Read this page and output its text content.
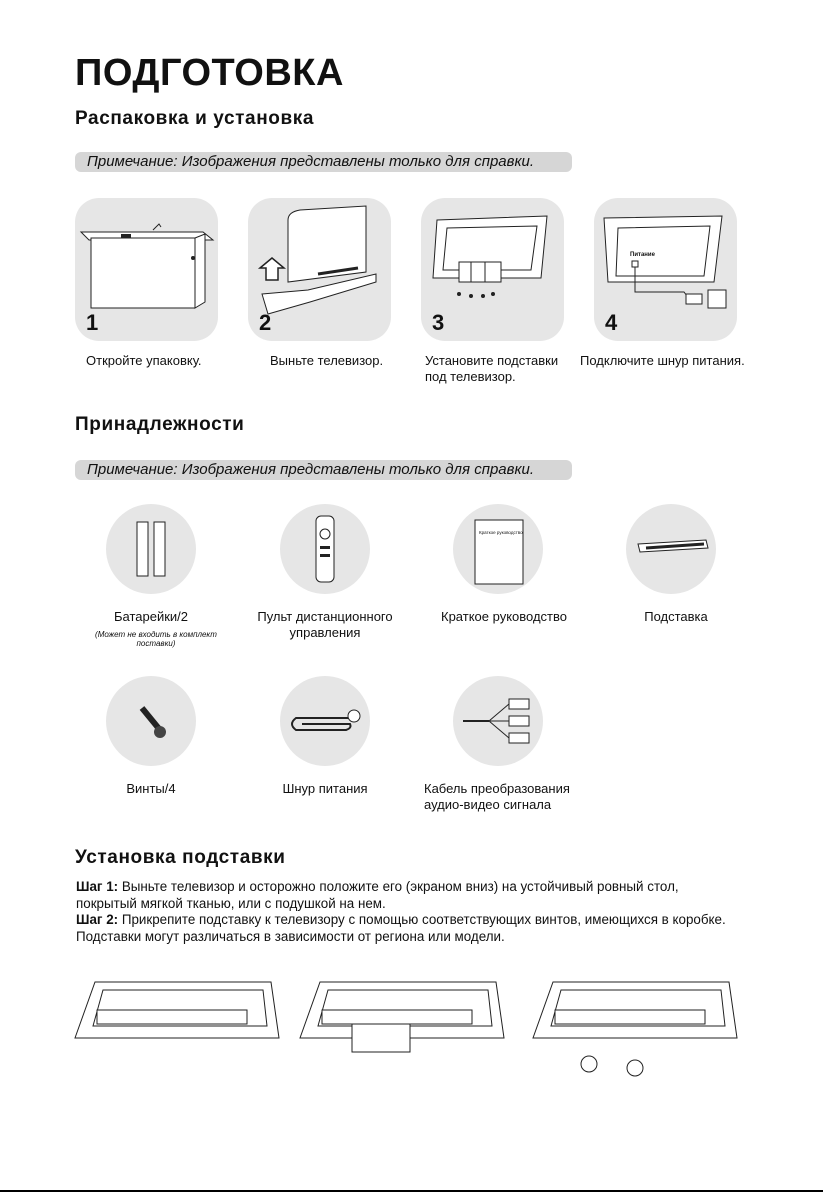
ПОДГОТОВКА
Распаковка и установка
Примечание: Изображения представлены только для справки.
1	2	3
Питание
4
Откройте упаковку.	Выньте телевизор.	Установите подставки
под телевизор.
Подключите шнур питания.
Принадлежности
Примечание: Изображения представлены только для справки.
Краткое руководство
Батарейки/2
(Может не входить в комплект поставки)
Пульт дистанционного
управления
Краткое руководство	Подставка
Винты/4	Шнур питания	Кабель преобразования
аудио-видео сигнала
Установка подставки
Шаг 1: Выньте телевизор и осторожно положите его (экраном вниз) на устойчивый ровный стол, покрытый мягкой тканью, или с подушкой на нем.
Шаг 2: Прикрепите подставку к телевизору с помощью соответствующих винтов, имеющихся в коробке. Подставки могут различаться в зависимости от региона или модели.
